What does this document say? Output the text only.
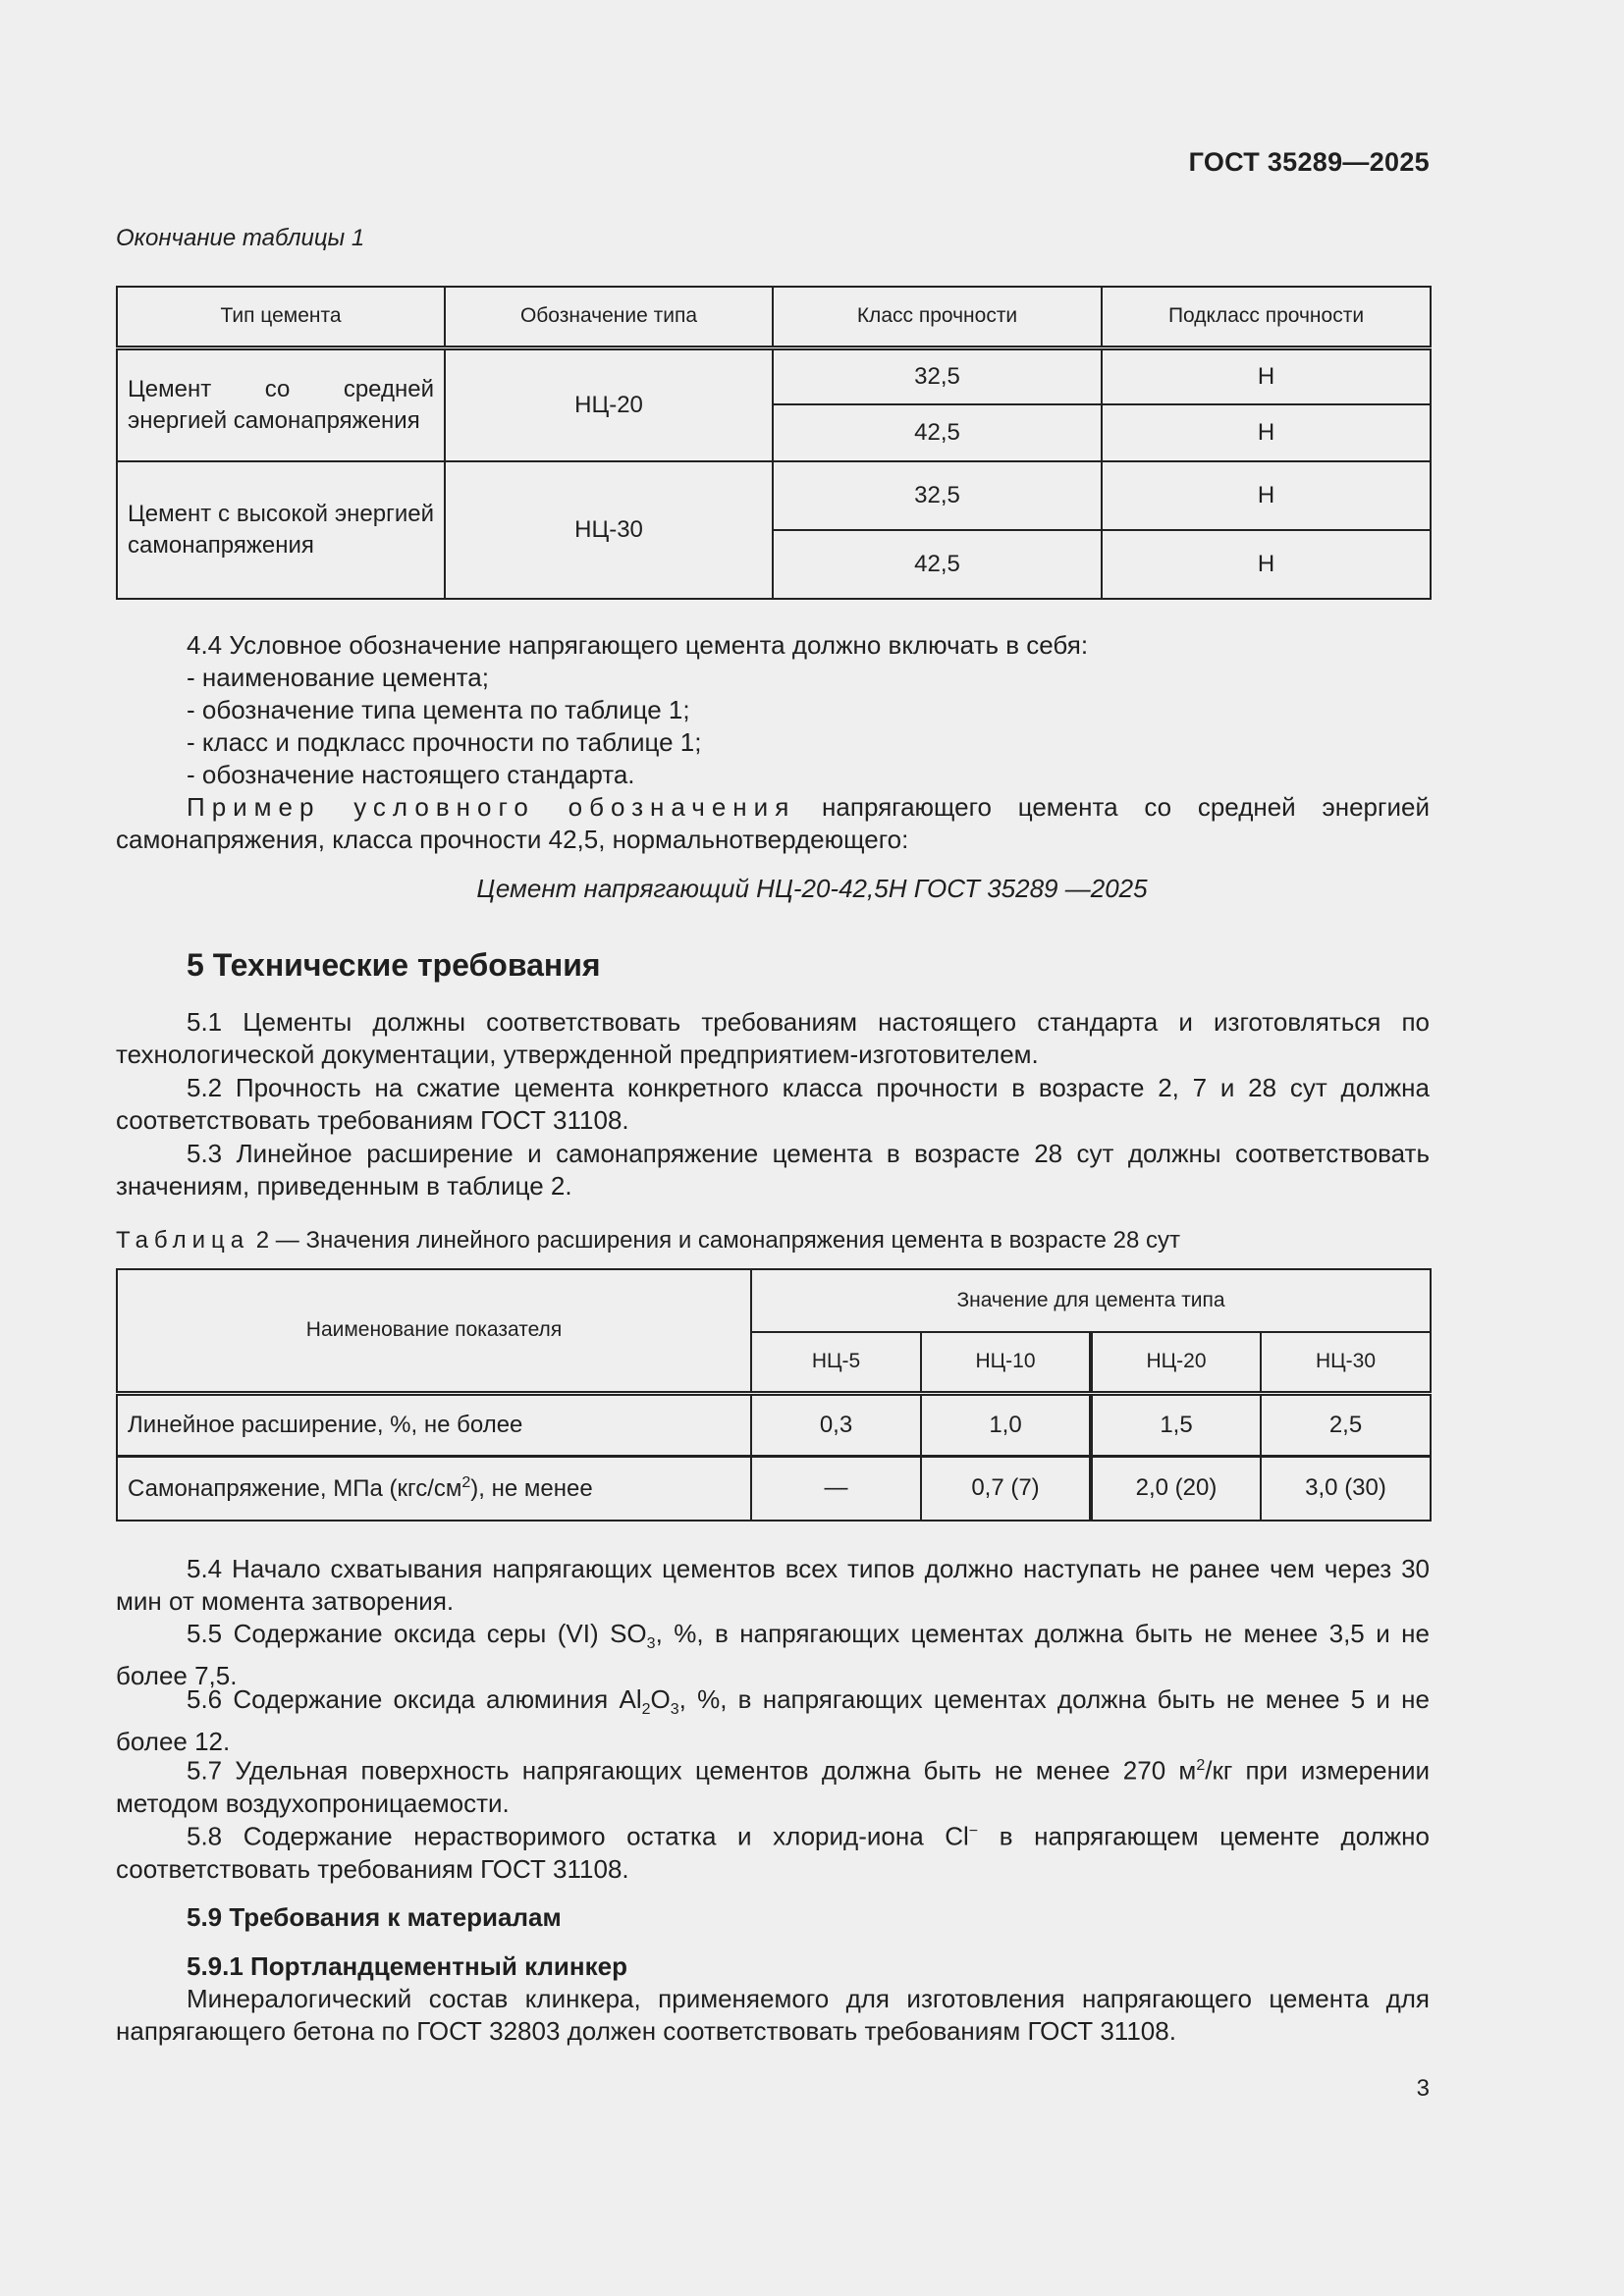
ГОСТ 35289—2025
Окончание таблицы 1
Тип цемента	Обозначение типа	Класс прочности	Подкласс прочности
Цемент со средней энергией самонапряжения	НЦ-20	32,5	Н
		42,5	Н
Цемент с высокой энергией самонапряжения	НЦ-30	32,5	Н
		42,5	Н
4.4 Условное обозначение напрягающего цемента должно включать в себя:
- наименование цемента;
- обозначение типа цемента по таблице 1;
- класс и подкласс прочности по таблице 1;
- обозначение настоящего стандарта.
Пример условного обозначения напрягающего цемента со средней энергией самонапряжения, класса прочности 42,5, нормальнотвердеющего:
Цемент напрягающий НЦ-20-42,5Н ГОСТ 35289 —2025
5 Технические требования
5.1 Цементы должны соответствовать требованиям настоящего стандарта и изготовляться по технологической документации, утвержденной предприятием-изготовителем.
5.2 Прочность на сжатие цемента конкретного класса прочности в возрасте 2, 7 и 28 сут должна соответствовать требованиям ГОСТ 31108.
5.3 Линейное расширение и самонапряжение цемента в возрасте 28 сут должны соответствовать значениям, приведенным в таблице 2.
Таблица 2 — Значения линейного расширения и самонапряжения цемента в возрасте 28 сут
Наименование показателя	Значение для цемента типа			
	НЦ-5	НЦ-10	НЦ-20	НЦ-30
Линейное расширение, %, не более	0,3	1,0	1,5	2,5
Самонапряжение, МПа $(кгс/см^2)$, не менее	—	0,7 (7)	2,0 (20)	3,0 (30)
5.4 Начало схватывания напрягающих цементов всех типов должно наступать не ранее чем через 30 мин от момента затворения.
5.5 Содержание оксида серы (VI) $SO_3$, %, в напрягающих цементах должна быть не менее 3,5 и не более 7,5.
5.6 Содержание оксида алюминия $Al_2O_3$, %, в напрягающих цементах должна быть не менее 5 и не более 12.
5.7 Удельная поверхность напрягающих цементов должна быть не менее 270 $м^2/кг$ при измерении методом воздухопроницаемости.
5.8 Содержание нерастворимого остатка и хлорид-иона Cl− в напрягающем цементе должно соответствовать требованиям ГОСТ 31108.
5.9 Требования к материалам
5.9.1 Портландцементный клинкер
Минералогический состав клинкера, применяемого для изготовления напрягающего цемента для напрягающего бетона по ГОСТ 32803 должен соответствовать требованиям ГОСТ 31108.
3
